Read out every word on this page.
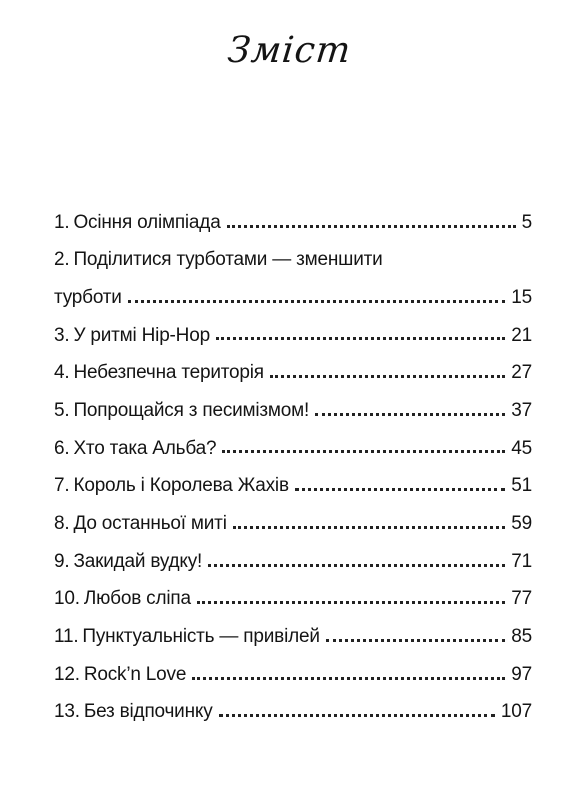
Зміст
1. Осіння олімпіада	5
2. Поділитися турботами — зменшити
турботи	15
3. У ритмі Hip-Hop	21
4. Небезпечна територія	27
5. Попрощайся з песимізмом!	37
6. Хто така Альба?	45
7. Король і Королева Жахів	51
8. До останньої миті	59
9. Закидай вудку!	71
10. Любов сліпа	77
11. Пунктуальність — привілей	85
12. Rock’n Love	97
13. Без відпочинку	107
